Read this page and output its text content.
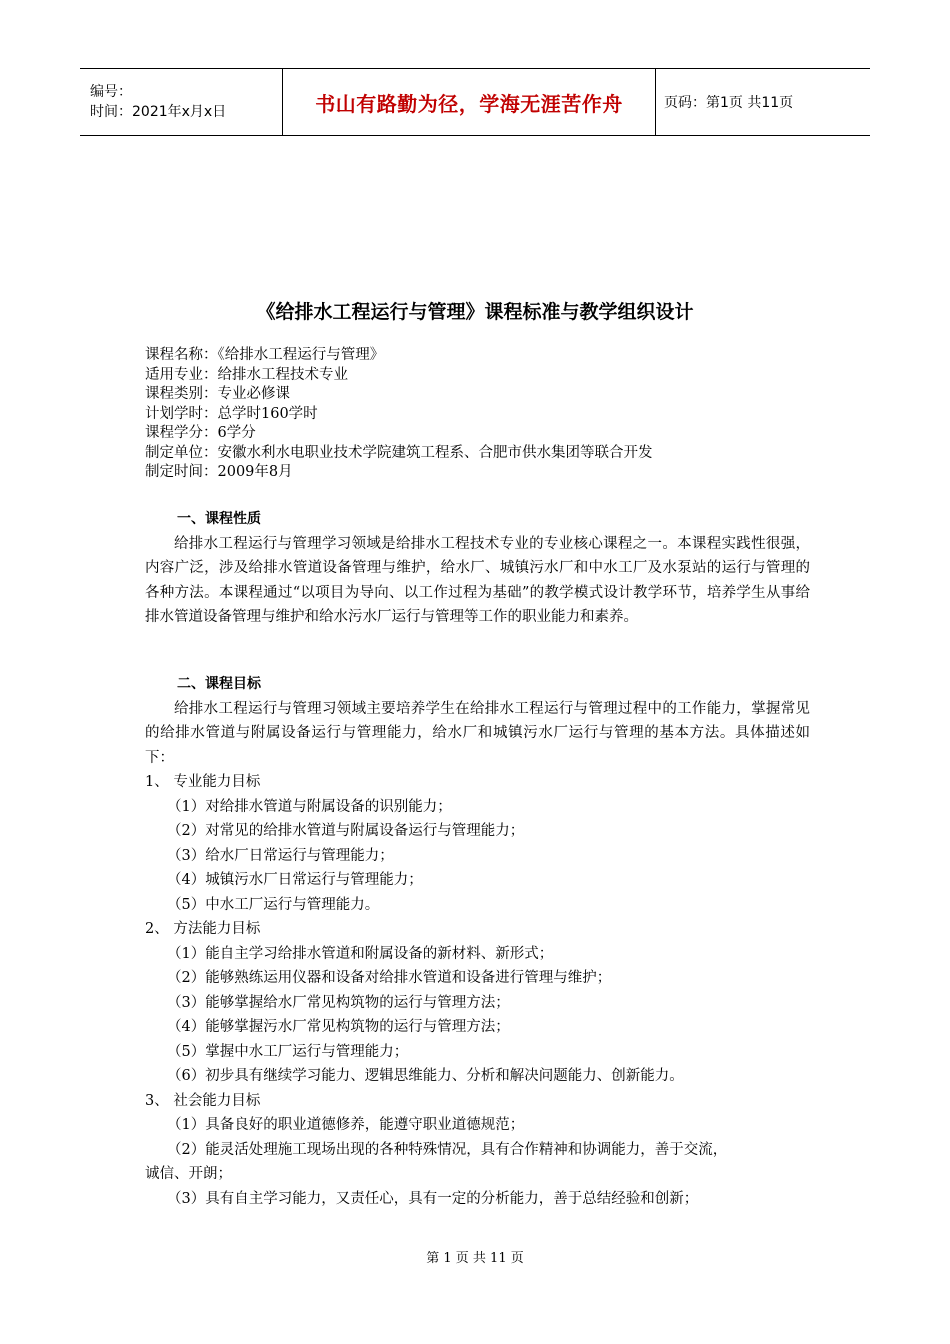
编号：
时间：2021年x月x日	书山有路勤为径，学海无涯苦作舟	页码：第1页 共11页
《给排水工程运行与管理》课程标准与教学组织设计
课程名称：《给排水工程运行与管理》
适用专业：给排水工程技术专业
课程类别：专业必修课
计划学时：总学时160学时
课程学分：6学分
制定单位：安徽水利水电职业技术学院建筑工程系、合肥市供水集团等联合开发
制定时间：2009年8月
一、课程性质

给排水工程运行与管理学习领域是给排水工程技术专业的专业核心课程之一。本课程实践性很强，内容广泛，涉及给排水管道设备管理与维护，给水厂、城镇污水厂和中水工厂及水泵站的运行与管理的各种方法。本课程通过“以项目为导向、以工作过程为基础”的教学模式设计教学环节，培养学生从事给排水管道设备管理与维护和给水污水厂运行与管理等工作的职业能力和素养。

二、课程目标

给排水工程运行与管理习领域主要培养学生在给排水工程运行与管理过程中的工作能力，掌握常见的给排水管道与附属设备运行与管理能力，给水厂和城镇污水厂运行与管理的基本方法。具体描述如下：

1、 专业能力目标
（1）对给排水管道与附属设备的识别能力；
（2）对常见的给排水管道与附属设备运行与管理能力；
（3）给水厂日常运行与管理能力；
（4）城镇污水厂日常运行与管理能力；
（5）中水工厂运行与管理能力。
2、 方法能力目标
（1）能自主学习给排水管道和附属设备的新材料、新形式；
（2）能够熟练运用仪器和设备对给排水管道和设备进行管理与维护；
（3）能够掌握给水厂常见构筑物的运行与管理方法；
（4）能够掌握污水厂常见构筑物的运行与管理方法；
（5）掌握中水工厂运行与管理能力；
（6）初步具有继续学习能力、逻辑思维能力、分析和解决问题能力、创新能力。
3、 社会能力目标
（1）具备良好的职业道德修养，能遵守职业道德规范；
（2）能灵活处理施工现场出现的各种特殊情况，具有合作精神和协调能力，善于交流，
诚信、开朗；
（3）具有自主学习能力，又责任心，具有一定的分析能力，善于总结经验和创新；
第 1 页 共 11 页
